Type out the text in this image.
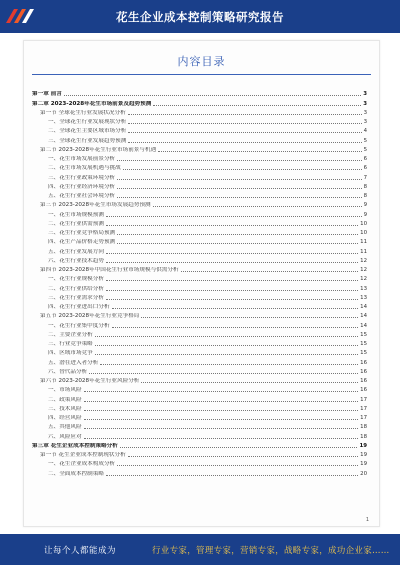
花生企业成本控制策略研究报告
内容目录
第一章 前言	3
第二章 2023-2028年花生市场前景及趋势预测	3
第一节 全球花生行业发展状况分析	3
一、全球花生行业发展现状分析	3
二、全球花生主要区域市场分析	4
三、全球花生行业发展趋势预测	5
第二节 2023-2028年花生行业市场前景与机遇	5
一、花生市场发展前景分析	6
二、花生市场发展机遇与挑战	6
三、花生行业政策环境分析	7
四、花生行业经济环境分析	8
五、花生行业社会环境分析	8
第三节 2023-2028年花生市场发展趋势预测	9
一、花生市场规模预测	9
二、花生行业供需预测	10
三、花生行业竞争格局预测	10
四、花生产品价格走势预测	11
五、花生行业发展方向	11
六、花生行业技术趋势	12
第四节 2023-2028年中国花生行业市场规模与供需分析	12
一、花生行业规模分析	12
二、花生行业供给分析	13
三、花生行业需求分析	13
四、花生行业进出口分析	14
第五节 2023-2028年花生行业竞争格局	14
一、花生行业集中度分析	14
二、主要企业分析	15
三、行业竞争策略	15
四、区域市场竞争	15
五、潜在进入者分析	16
六、替代品分析	16
第六节 2023-2028年花生行业风险分析	16
一、市场风险	16
二、政策风险	17
三、技术风险	17
四、经营风险	17
五、其他风险	18
六、风险应对	18
第三章 花生企业成本控制策略分析	19
第一节 花生企业成本控制现状分析	19
一、花生企业成本构成分析	19
二、全面成本控制策略	20
1
让每个人都能成为	行业专家，管理专家，营销专家，战略专家，成功企业家……
